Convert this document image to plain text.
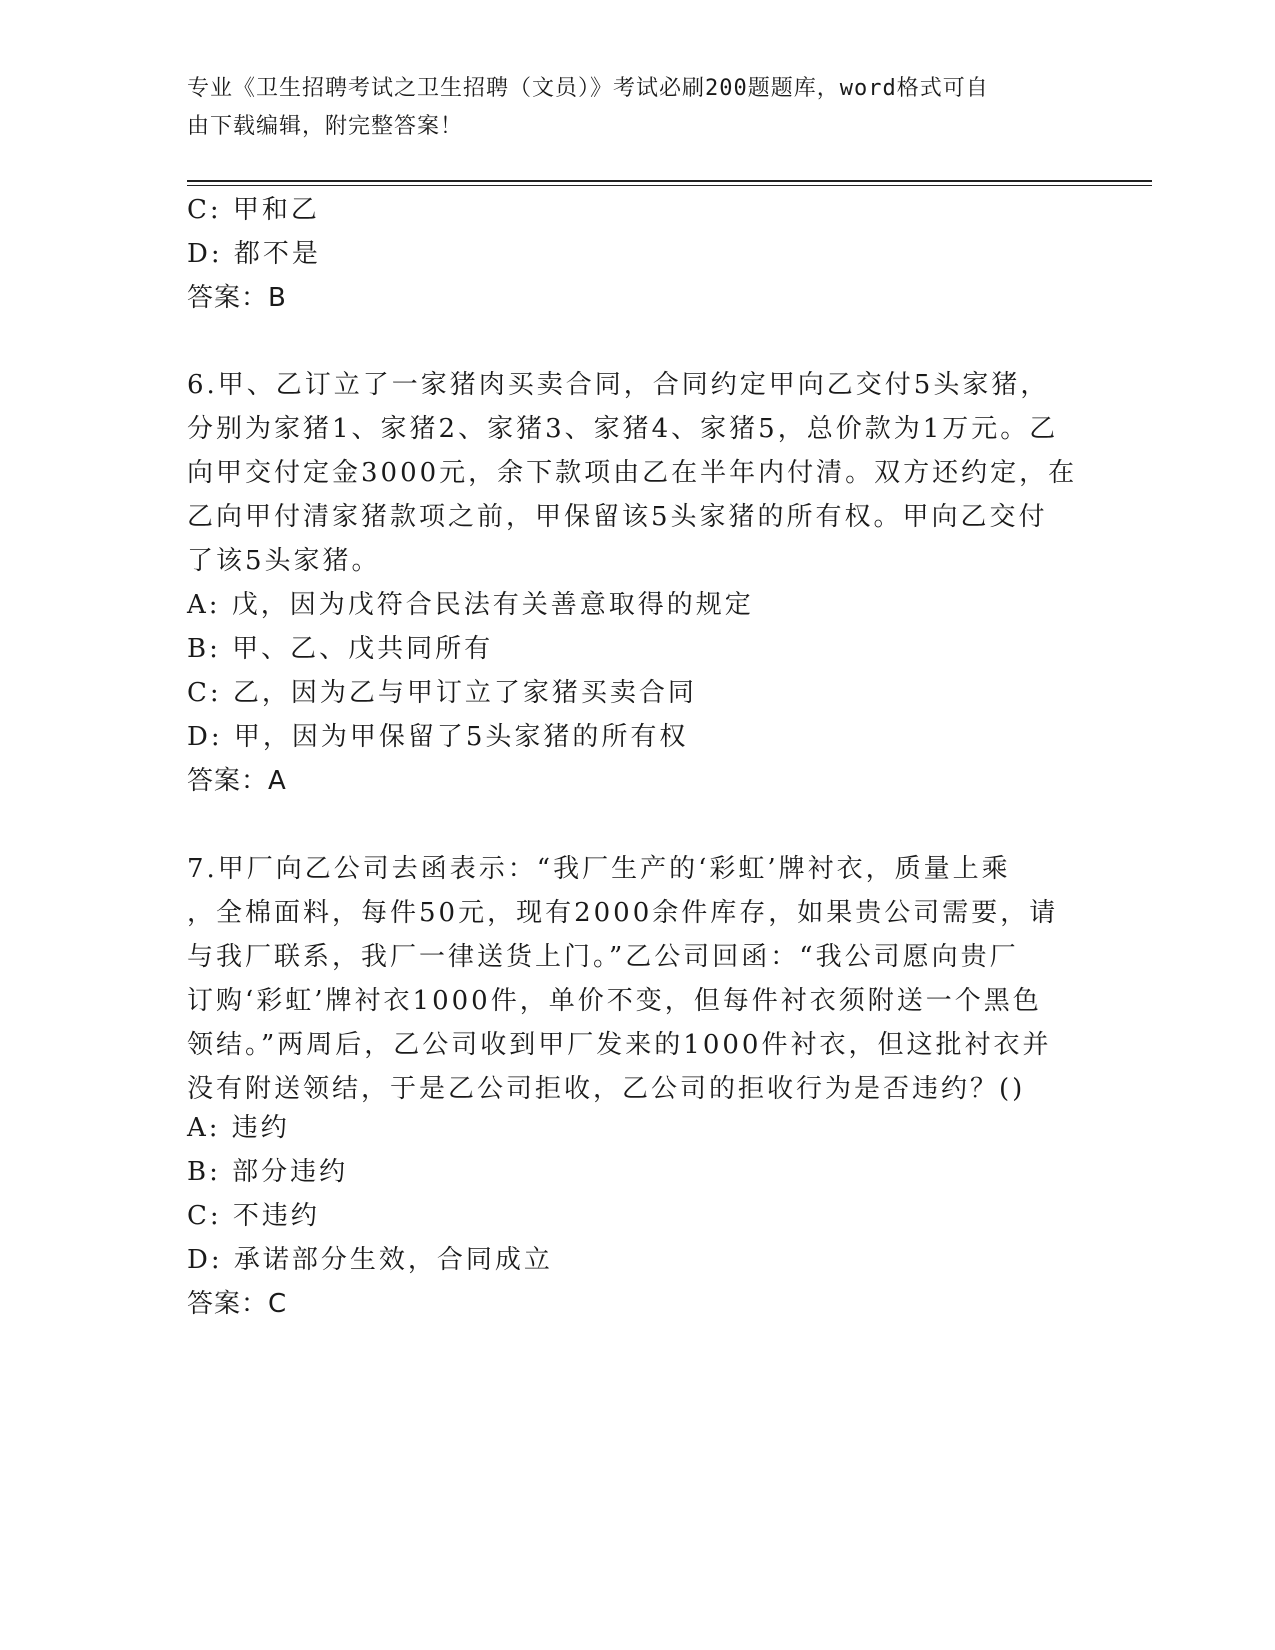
专业《卫生招聘考试之卫生招聘（文员）》考试必刷200题题库，word格式可自
由下载编辑，附完整答案！
C: 甲和乙
D: 都不是
答案：B
6.甲、乙订立了一家猪肉买卖合同，合同约定甲向乙交付5头家猪，
分别为家猪1、家猪2、家猪3、家猪4、家猪5，总价款为1万元。乙
向甲交付定金3000元，余下款项由乙在半年内付清。双方还约定，在
乙向甲付清家猪款项之前，甲保留该5头家猪的所有权。甲向乙交付
了该5头家猪。
A: 戊，因为戊符合民法有关善意取得的规定
B: 甲、乙、戊共同所有
C: 乙，因为乙与甲订立了家猪买卖合同
D: 甲，因为甲保留了5头家猪的所有权
答案：A
7.甲厂向乙公司去函表示：“我厂生产的‘彩虹’牌衬衣，质量上乘
，全棉面料，每件50元，现有2000余件库存，如果贵公司需要，请
与我厂联系，我厂一律送货上门。”乙公司回函：“我公司愿向贵厂
订购‘彩虹’牌衬衣1000件，单价不变，但每件衬衣须附送一个黑色
领结。”两周后，乙公司收到甲厂发来的1000件衬衣，但这批衬衣并
没有附送领结，于是乙公司拒收，乙公司的拒收行为是否违约？()
A: 违约
B: 部分违约
C: 不违约
D: 承诺部分生效，合同成立
答案：C
